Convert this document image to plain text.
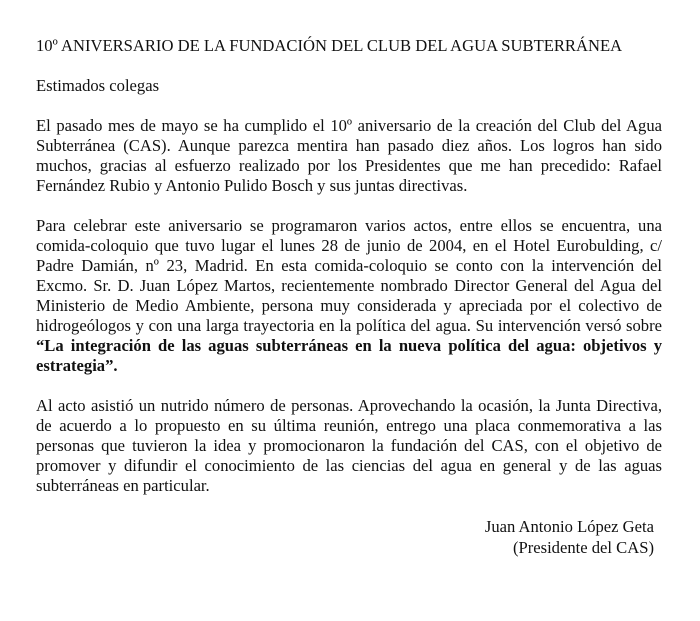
10º ANIVERSARIO DE LA FUNDACIÓN DEL CLUB DEL AGUA SUBTERRÁNEA

Estimados colegas

El pasado mes de mayo se ha cumplido el 10º aniversario de la creación del Club del Agua Subterránea (CAS). Aunque parezca mentira han pasado diez años. Los logros han sido muchos, gracias al esfuerzo realizado por los Presidentes que me han precedido: Rafael Fernández Rubio y Antonio Pulido Bosch y sus juntas directivas.

Para celebrar este aniversario se programaron varios actos, entre ellos se encuentra, una comida-coloquio que tuvo lugar el lunes 28 de junio de 2004, en el Hotel Eurobulding, c/ Padre Damián, nº 23, Madrid. En esta comida-coloquio se conto con la intervención del Excmo. Sr. D. Juan López Martos, recientemente nombrado Director General del Agua del Ministerio de Medio Ambiente, persona muy considerada y apreciada por el colectivo de hidrogeólogos y con una larga trayectoria en la política del agua. Su intervención versó sobre “La integración de las aguas subterráneas en la nueva política del agua: objetivos y estrategia”.

Al acto asistió un nutrido número de personas. Aprovechando la ocasión, la Junta Directiva, de acuerdo a lo propuesto en su última reunión, entrego una placa conmemorativa a las personas que tuvieron la idea y promocionaron la fundación del CAS, con el objetivo de promover y difundir el conocimiento de las ciencias del agua en general y de las aguas subterráneas en particular.

Juan Antonio López Geta
(Presidente del CAS)
